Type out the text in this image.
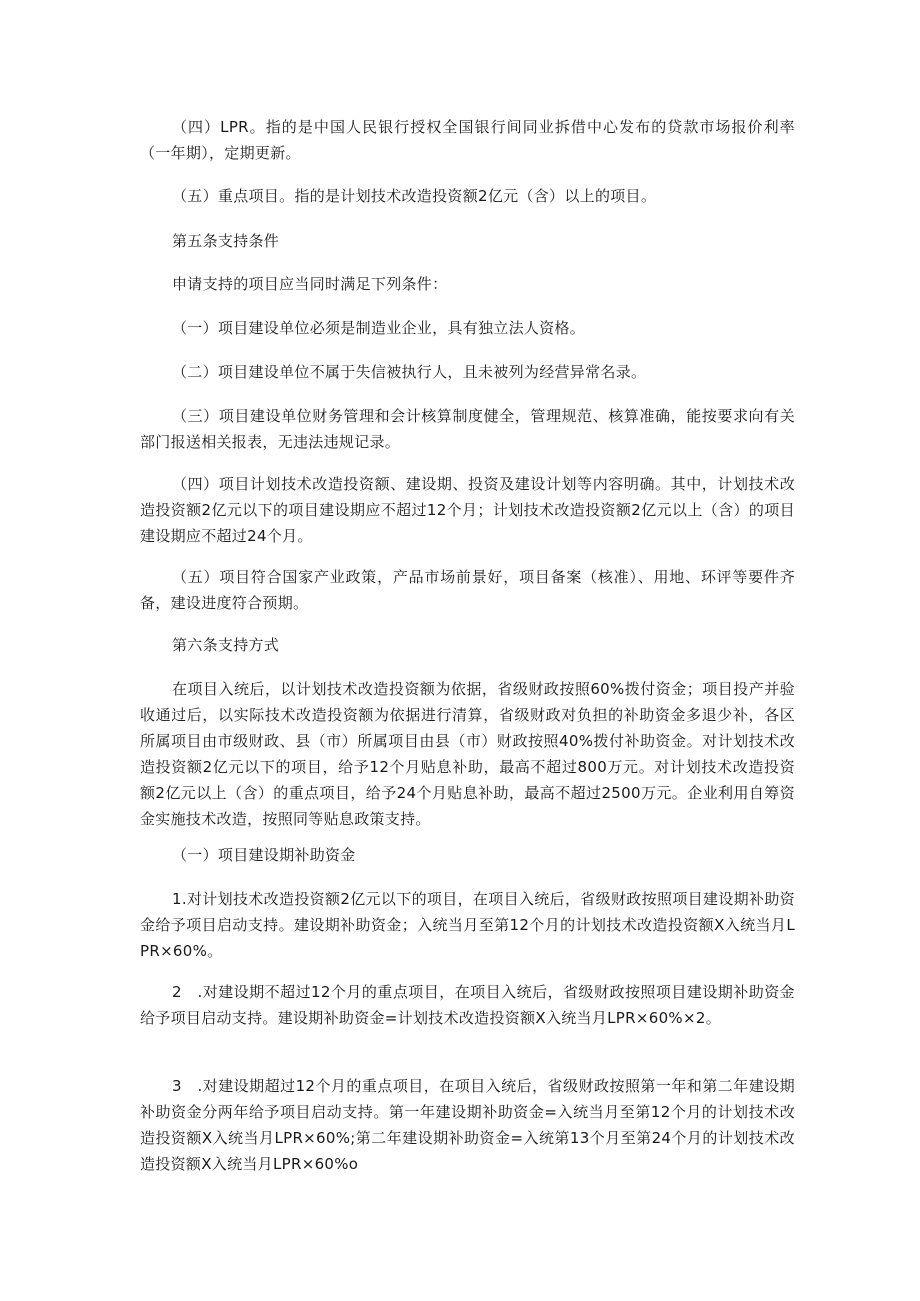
（四）LPR。指的是中国人民银行授权全国银行间同业拆借中心发布的贷款市场报价利率（一年期），定期更新。

（五）重点项目。指的是计划技术改造投资额2亿元（含）以上的项目。

第五条支持条件

申请支持的项目应当同时满足下列条件：

（一）项目建设单位必须是制造业企业，具有独立法人资格。

（二）项目建设单位不属于失信被执行人，且未被列为经营异常名录。

（三）项目建设单位财务管理和会计核算制度健全，管理规范、核算准确，能按要求向有关部门报送相关报表，无违法违规记录。

（四）项目计划技术改造投资额、建设期、投资及建设计划等内容明确。其中，计划技术改造投资额2亿元以下的项目建设期应不超过12个月；计划技术改造投资额2亿元以上（含）的项目建设期应不超过24个月。

（五）项目符合国家产业政策，产品市场前景好，项目备案（核准）、用地、环评等要件齐备，建设进度符合预期。

第六条支持方式

在项目入统后，以计划技术改造投资额为依据，省级财政按照60%拨付资金；项目投产并验收通过后，以实际技术改造投资额为依据进行清算，省级财政对负担的补助资金多退少补，各区所属项目由市级财政、县（市）所属项目由县（市）财政按照40%拨付补助资金。对计划技术改造投资额2亿元以下的项目，给予12个月贴息补助，最高不超过800万元。对计划技术改造投资额2亿元以上（含）的重点项目，给予24个月贴息补助，最高不超过2500万元。企业利用自筹资金实施技术改造，按照同等贴息政策支持。

（一）项目建设期补助资金

1.对计划技术改造投资额2亿元以下的项目，在项目入统后，省级财政按照项目建设期补助资金给予项目启动支持。建设期补助资金；入统当月至第12个月的计划技术改造投资额X入统当月LPR×60%。

2　.对建设期不超过12个月的重点项目，在项目入统后，省级财政按照项目建设期补助资金给予项目启动支持。建设期补助资金=计划技术改造投资额X入统当月LPR×60%×2。

3　.对建设期超过12个月的重点项目，在项目入统后，省级财政按照第一年和第二年建设期补助资金分两年给予项目启动支持。第一年建设期补助资金=入统当月至第12个月的计划技术改造投资额X入统当月LPR×60%;第二年建设期补助资金=入统第13个月至第24个月的计划技术改造投资额X入统当月LPR×60%o
